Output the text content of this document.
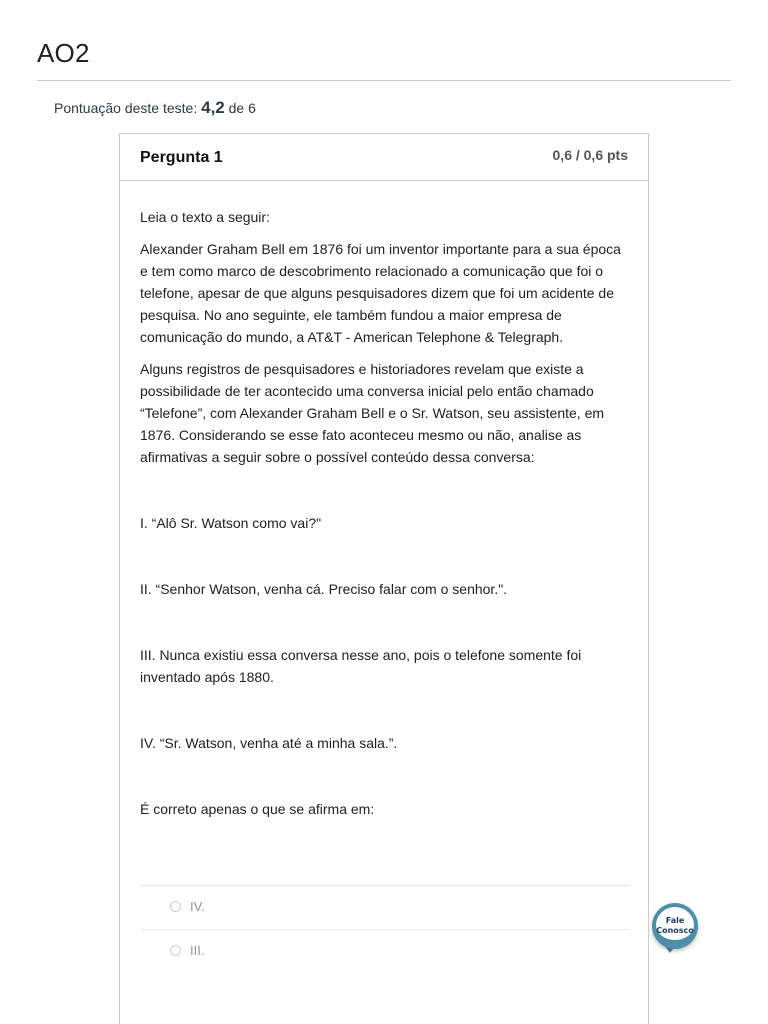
AO2
Pontuação deste teste: 4,2 de 6
Pergunta 1	0,6 / 0,6 pts

Leia o texto a seguir:

Alexander Graham Bell em 1876 foi um inventor importante para a sua época e tem como marco de descobrimento relacionado a comunicação que foi o telefone, apesar de que alguns pesquisadores dizem que foi um acidente de pesquisa. No ano seguinte, ele também fundou a maior empresa de comunicação do mundo, a AT&T - American Telephone & Telegraph.

Alguns registros de pesquisadores e historiadores revelam que existe a possibilidade de ter acontecido uma conversa inicial pelo então chamado “Telefone”, com Alexander Graham Bell e o Sr. Watson, seu assistente, em 1876. Considerando se esse fato aconteceu mesmo ou não, analise as afirmativas a seguir sobre o possível conteúdo dessa conversa:

I. “Alô Sr. Watson como vai?"

II. “Senhor Watson, venha cá. Preciso falar com o senhor.".

III. Nunca existiu essa conversa nesse ano, pois o telefone somente foi inventado após 1880.

IV. “Sr. Watson, venha até a minha sala.”.

É correto apenas o que se afirma em:

IV.
III.
Fale
Conosco
